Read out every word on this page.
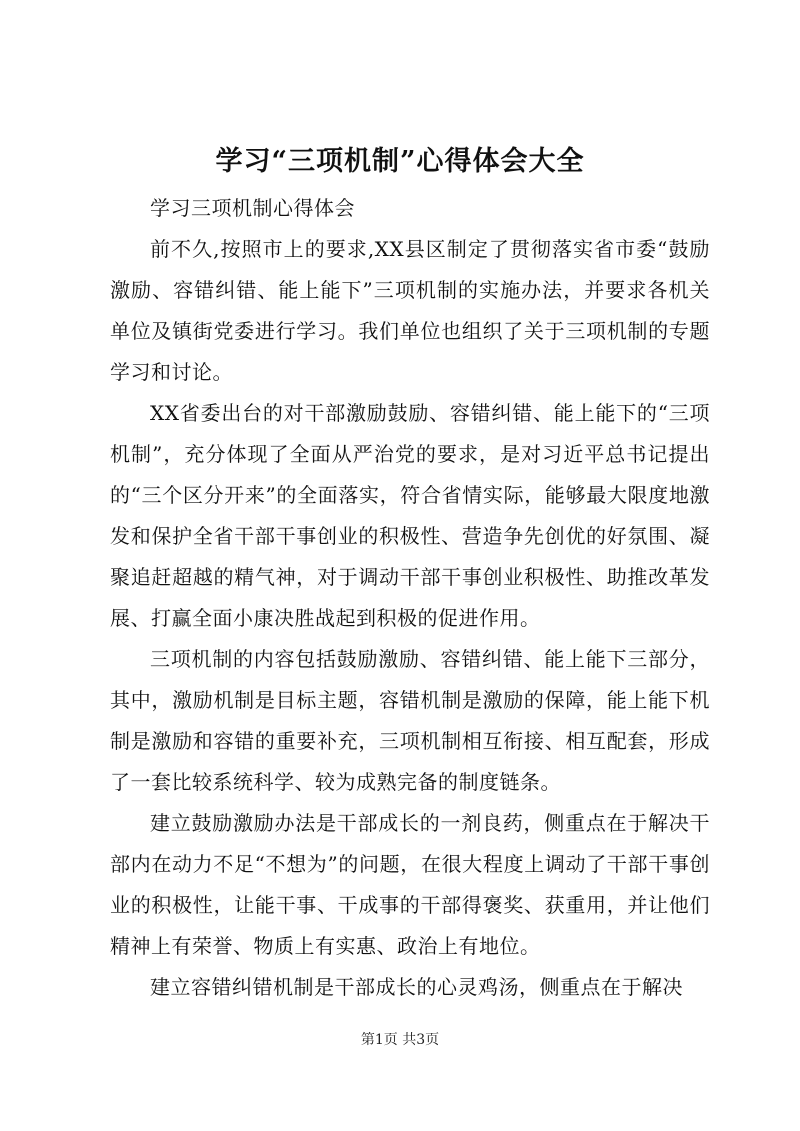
学习“三项机制”心得体会大全

学习三项机制心得体会

前不久,按照市上的要求,XX县区制定了贯彻落实省市委“鼓励激励、容错纠错、能上能下”三项机制的实施办法，并要求各机关单位及镇街党委进行学习。我们单位也组织了关于三项机制的专题学习和讨论。

XX省委出台的对干部激励鼓励、容错纠错、能上能下的“三项机制”，充分体现了全面从严治党的要求，是对习近平总书记提出的“三个区分开来”的全面落实，符合省情实际，能够最大限度地激发和保护全省干部干事创业的积极性、营造争先创优的好氛围、凝聚追赶超越的精气神，对于调动干部干事创业积极性、助推改革发展、打赢全面小康决胜战起到积极的促进作用。

三项机制的内容包括鼓励激励、容错纠错、能上能下三部分，其中，激励机制是目标主题，容错机制是激励的保障，能上能下机制是激励和容错的重要补充，三项机制相互衔接、相互配套，形成了一套比较系统科学、较为成熟完备的制度链条。

建立鼓励激励办法是干部成长的一剂良药，侧重点在于解决干部内在动力不足“不想为”的问题，在很大程度上调动了干部干事创业的积极性，让能干事、干成事的干部得褒奖、获重用，并让他们精神上有荣誉、物质上有实惠、政治上有地位。

建立容错纠错机制是干部成长的心灵鸡汤，侧重点在于解决

第1页 共3页
